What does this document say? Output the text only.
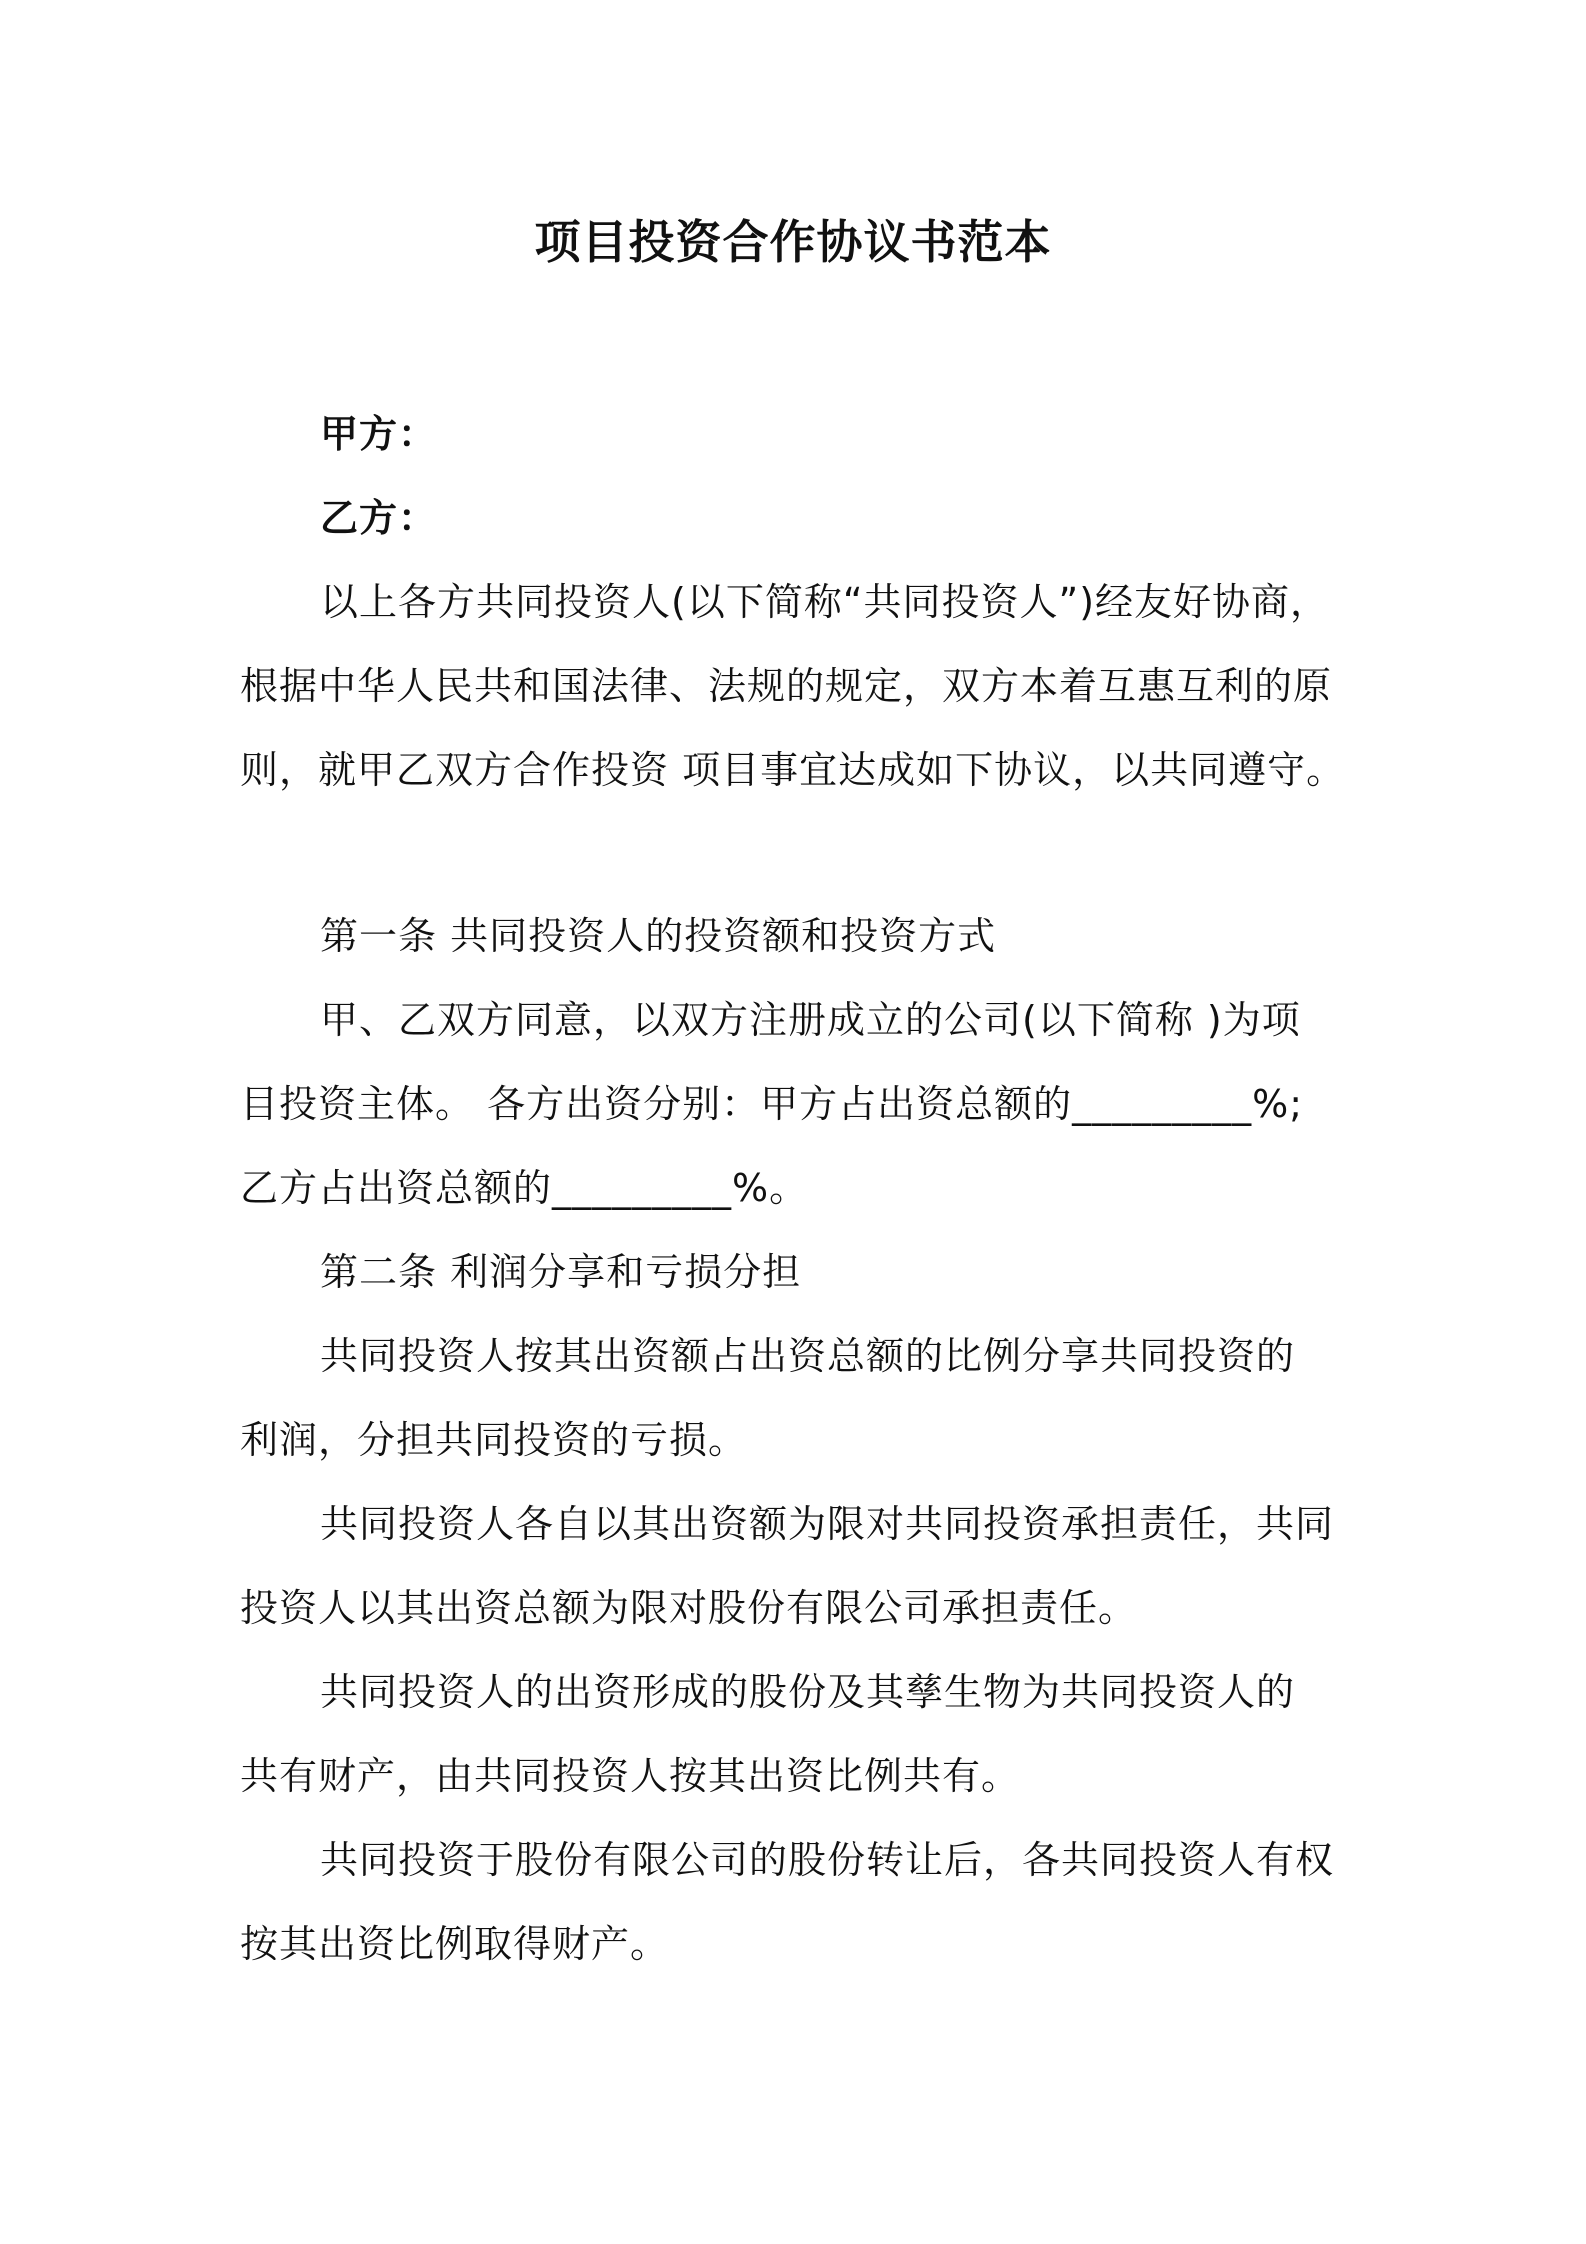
项目投资合作协议书范本
甲方：
乙方：
以上各方共同投资人(以下简称“共同投资人”)经友好协商，
根据中华人民共和国法律、法规的规定，双方本着互惠互利的原
则，就甲乙双方合作投资 项目事宜达成如下协议，以共同遵守。
第一条 共同投资人的投资额和投资方式
甲、乙双方同意，以双方注册成立的公司(以下简称 )为项
目投资主体。 各方出资分别：甲方占出资总额的_________%;
乙方占出资总额的_________%。
第二条 利润分享和亏损分担
共同投资人按其出资额占出资总额的比例分享共同投资的
利润，分担共同投资的亏损。
共同投资人各自以其出资额为限对共同投资承担责任，共同
投资人以其出资总额为限对股份有限公司承担责任。
共同投资人的出资形成的股份及其孳生物为共同投资人的
共有财产，由共同投资人按其出资比例共有。
共同投资于股份有限公司的股份转让后，各共同投资人有权
按其出资比例取得财产。
